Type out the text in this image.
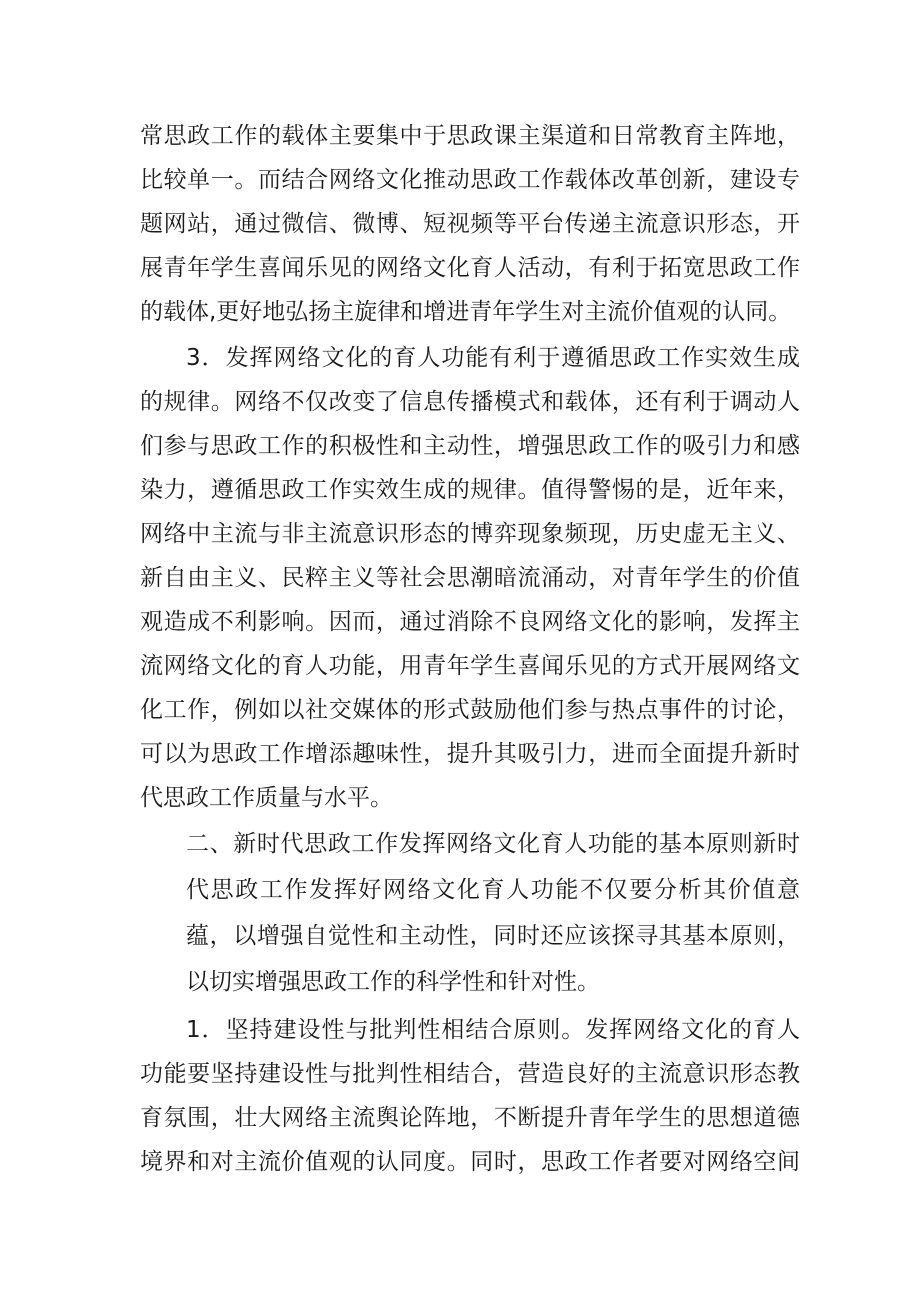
常思政工作的载体主要集中于思政课主渠道和日常教育主阵地，
比较单一。而结合网络文化推动思政工作载体改革创新，建设专
题网站，通过微信、微博、短视频等平台传递主流意识形态，开
展青年学生喜闻乐见的网络文化育人活动，有利于拓宽思政工作
的载体,更好地弘扬主旋律和增进青年学生对主流价值观的认同。
3．发挥网络文化的育人功能有利于遵循思政工作实效生成
的规律。网络不仅改变了信息传播模式和载体，还有利于调动人
们参与思政工作的积极性和主动性，增强思政工作的吸引力和感
染力，遵循思政工作实效生成的规律。值得警惕的是，近年来，
网络中主流与非主流意识形态的博弈现象频现，历史虚无主义、
新自由主义、民粹主义等社会思潮暗流涌动，对青年学生的价值
观造成不利影响。因而，通过消除不良网络文化的影响，发挥主
流网络文化的育人功能，用青年学生喜闻乐见的方式开展网络文
化工作，例如以社交媒体的形式鼓励他们参与热点事件的讨论，
可以为思政工作增添趣味性，提升其吸引力，进而全面提升新时
代思政工作质量与水平。
二、新时代思政工作发挥网络文化育人功能的基本原则新时
代思政工作发挥好网络文化育人功能不仅要分析其价值意
蕴，以增强自觉性和主动性，同时还应该探寻其基本原则，
以切实增强思政工作的科学性和针对性。
1．坚持建设性与批判性相结合原则。发挥网络文化的育人
功能要坚持建设性与批判性相结合，营造良好的主流意识形态教
育氛围，壮大网络主流舆论阵地，不断提升青年学生的思想道德
境界和对主流价值观的认同度。同时，思政工作者要对网络空间
